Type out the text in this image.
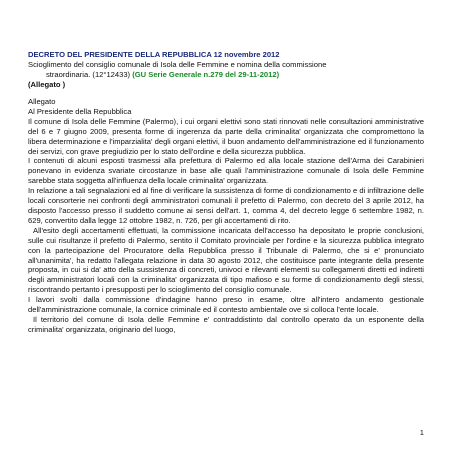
DECRETO DEL PRESIDENTE DELLA REPUBBLICA 12 novembre 2012
Scioglimento del consiglio comunale di Isola delle Femmine e nomina della commissione
straordinaria. (12°12433) (GU Serie Generale n.279 del 29-11-2012)
(Allegato )

Allegato

Al Presidente della Repubblica

Il comune di Isola delle Femmine (Palermo), i cui organi elettivi sono stati rinnovati nelle consultazioni amministrative del 6 e 7 giugno 2009, presenta forme di ingerenza da parte della criminalita' organizzata che compromettono la libera determinazione e l'imparzialita' degli organi elettivi, il buon andamento dell'amministrazione ed il funzionamento dei servizi, con grave pregiudizio per lo stato dell'ordine e della sicurezza pubblica.

I contenuti di alcuni esposti trasmessi alla prefettura di Palermo ed alla locale stazione dell'Arma dei Carabinieri ponevano in evidenza svariate circostanze in base alle quali l'amministrazione comunale di Isola delle Femmine sarebbe stata soggetta all'influenza della locale criminalita' organizzata.

In relazione a tali segnalazioni ed al fine di verificare la sussistenza di forme di condizionamento e di infiltrazione delle locali consorterie nei confronti degli amministratori comunali il prefetto di Palermo, con decreto del 3 aprile 2012, ha disposto l'accesso presso il suddetto comune ai sensi dell'art. 1, comma 4, del decreto legge 6 settembre 1982, n. 629, convertito dalla legge 12 ottobre 1982, n. 726, per gli accertamenti di rito.

All'esito degli accertamenti effettuati, la commissione incaricata dell'accesso ha depositato le proprie conclusioni, sulle cui risultanze il prefetto di Palermo, sentito il Comitato provinciale per l'ordine e la sicurezza pubblica integrato con la partecipazione del Procuratore della Repubblica presso il Tribunale di Palermo, che si e' pronunciato all'unanimita', ha redatto l'allegata relazione in data 30 agosto 2012, che costituisce parte integrante della presente proposta, in cui si da' atto della sussistenza di concreti, univoci e rilevanti elementi su collegamenti diretti ed indiretti degli amministratori locali con la criminalita' organizzata di tipo mafioso e su forme di condizionamento degli stessi, riscontrando pertanto i presupposti per lo scioglimento del consiglio comunale.

I lavori svolti dalla commissione d'indagine hanno preso in esame, oltre all'intero andamento gestionale dell'amministrazione comunale, la cornice criminale ed il contesto ambientale ove si colloca l'ente locale.

Il territorio del comune di Isola delle Femmine e' contraddistinto dal controllo operato da un esponente della criminalita' organizzata, originario del luogo,

1
